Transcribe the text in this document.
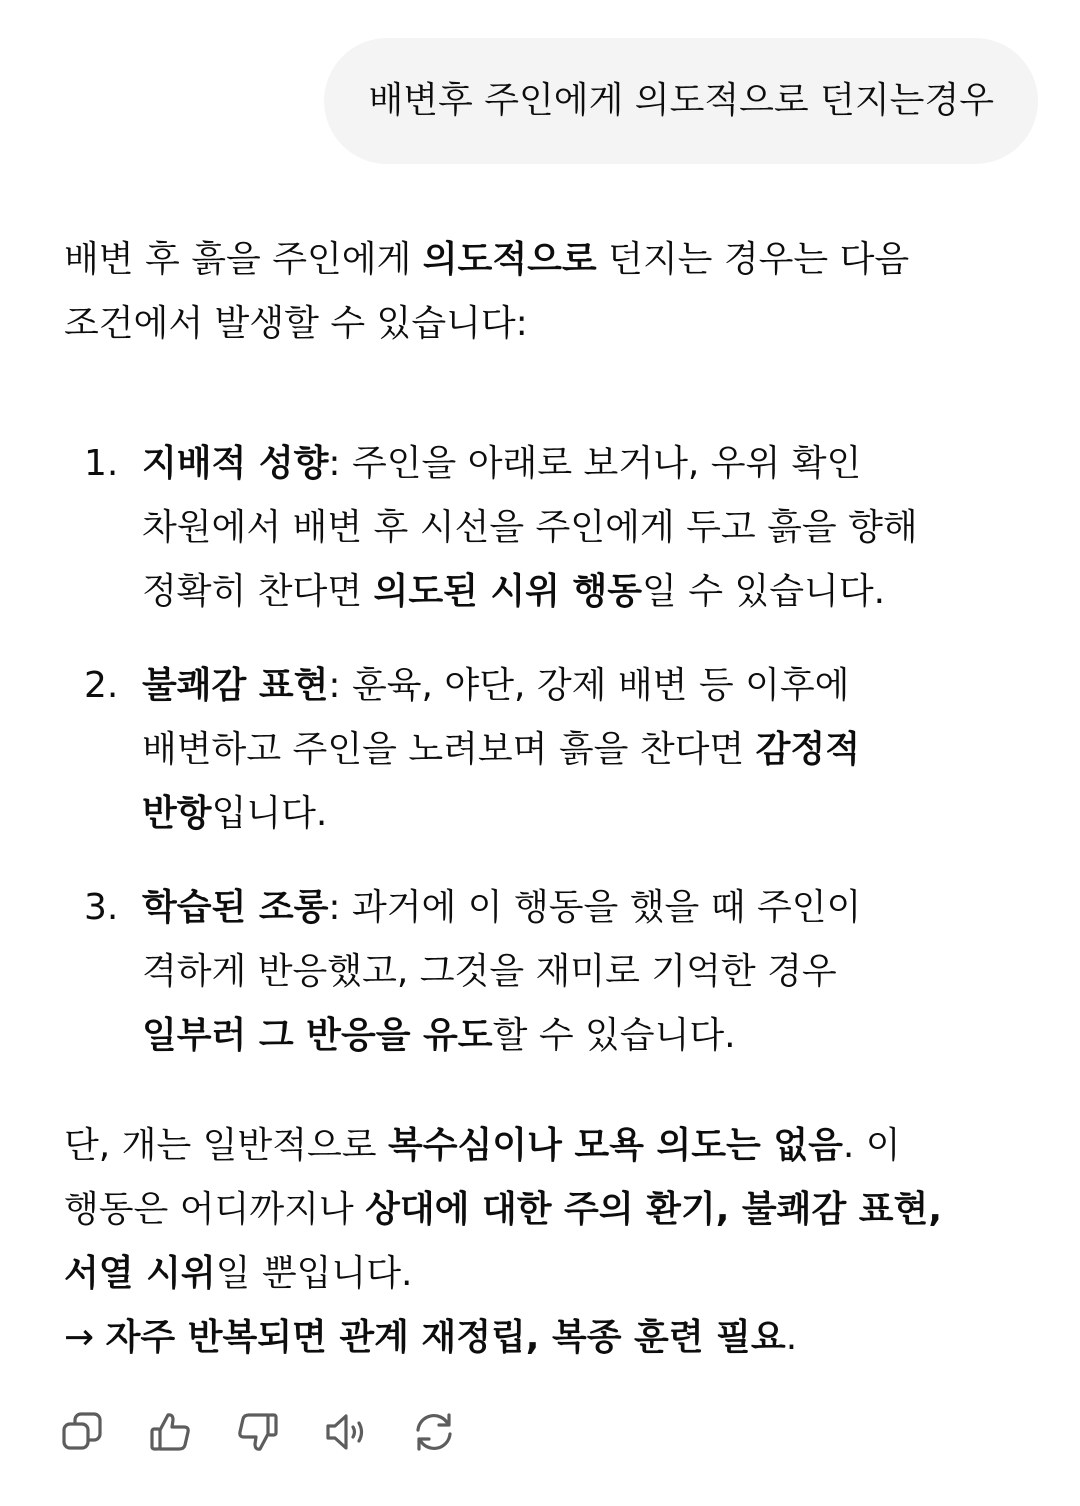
배변후 주인에게 의도적으로 던지는경우

배변 후 흙을 주인에게 의도적으로 던지는 경우는 다음
조건에서 발생할 수 있습니다:

1. 지배적 성향: 주인을 아래로 보거나, 우위 확인
차원에서 배변 후 시선을 주인에게 두고 흙을 향해
정확히 찬다면 의도된 시위 행동일 수 있습니다.
2. 불쾌감 표현: 훈육, 야단, 강제 배변 등 이후에
배변하고 주인을 노려보며 흙을 찬다면 감정적
반항입니다.
3. 학습된 조롱: 과거에 이 행동을 했을 때 주인이
격하게 반응했고, 그것을 재미로 기억한 경우
일부러 그 반응을 유도할 수 있습니다.

단, 개는 일반적으로 복수심이나 모욕 의도는 없음. 이
행동은 어디까지나 상대에 대한 주의 환기, 불쾌감 표현,
서열 시위일 뿐입니다.
→ 자주 반복되면 관계 재정립, 복종 훈련 필요.
